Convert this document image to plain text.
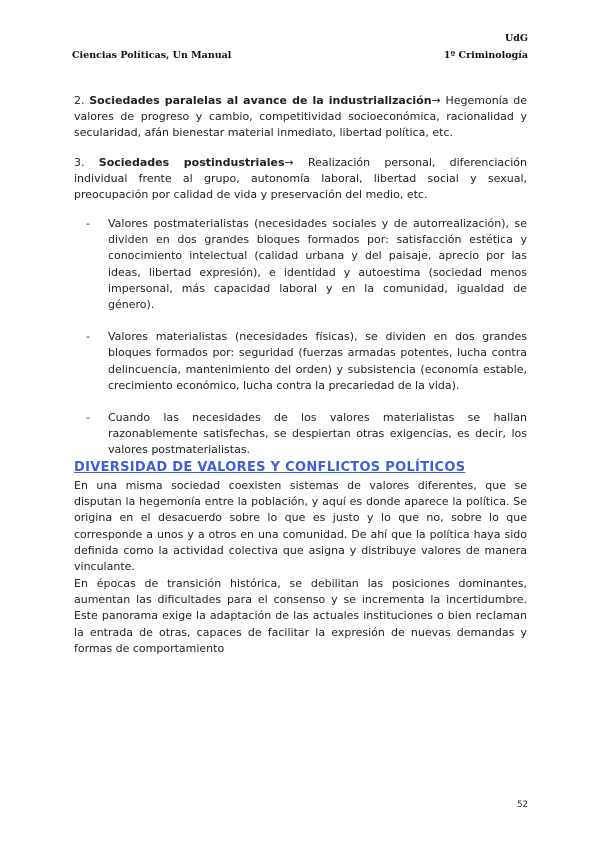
UdG
Ciencias Políticas, Un Manual	1º Criminología

2. Sociedades paralelas al avance de la industrialización→ Hegemonía de valores de progreso y cambio, competitividad socioeconómica, racionalidad y secularidad, afán bienestar material inmediato, libertad política, etc.

3. Sociedades postindustriales→ Realización personal, diferenciación individual frente al grupo, autonomía laboral, libertad social y sexual, preocupación por calidad de vida y preservación del medio, etc.

- Valores postmaterialistas (necesidades sociales y de autorrealización), se dividen en dos grandes bloques formados por: satisfacción estética y conocimiento intelectual (calidad urbana y del paisaje, aprecio por las ideas, libertad expresión), e identidad y autoestima (sociedad menos impersonal, más capacidad laboral y en la comunidad, igualdad de género).
- Valores materialistas (necesidades físicas), se dividen en dos grandes bloques formados por: seguridad (fuerzas armadas potentes, lucha contra delincuencia, mantenimiento del orden) y subsistencia (economía estable, crecimiento económico, lucha contra la precariedad de la vida).
- Cuando las necesidades de los valores materialistas se hallan razonablemente satisfechas, se despiertan otras exigencias, es decir, los valores postmaterialistas.
DIVERSIDAD DE VALORES Y CONFLICTOS POLÍTICOS

En una misma sociedad coexisten sistemas de valores diferentes, que se disputan la hegemonía entre la población, y aquí es donde aparece la política. Se origina en el desacuerdo sobre lo que es justo y lo que no, sobre lo que corresponde a unos y a otros en una comunidad. De ahí que la política haya sido definida como la actividad colectiva que asigna y distribuye valores de manera vinculante.

En épocas de transición histórica, se debilitan las posiciones dominantes, aumentan las dificultades para el consenso y se incrementa la incertidumbre. Este panorama exige la adaptación de las actuales instituciones o bien reclaman la entrada de otras, capaces de facilitar la expresión de nuevas demandas y formas de comportamiento

52
